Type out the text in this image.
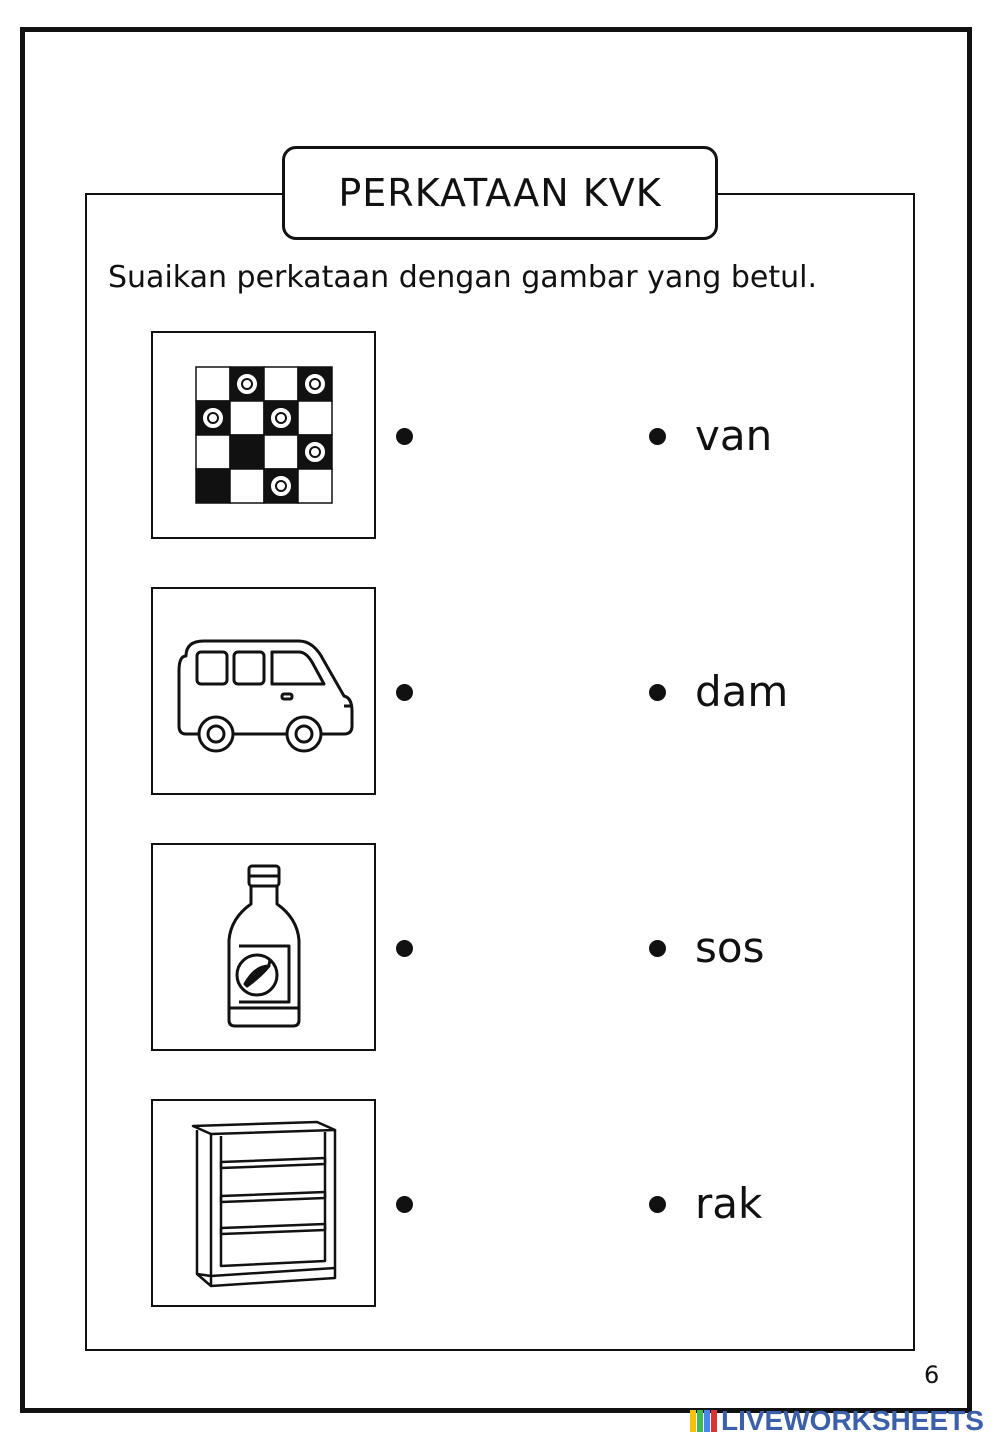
PERKATAAN KVK
Suaikan perkataan dengan gambar yang betul.
van
dam
sos
rak
6
LIVEWORKSHEETS
